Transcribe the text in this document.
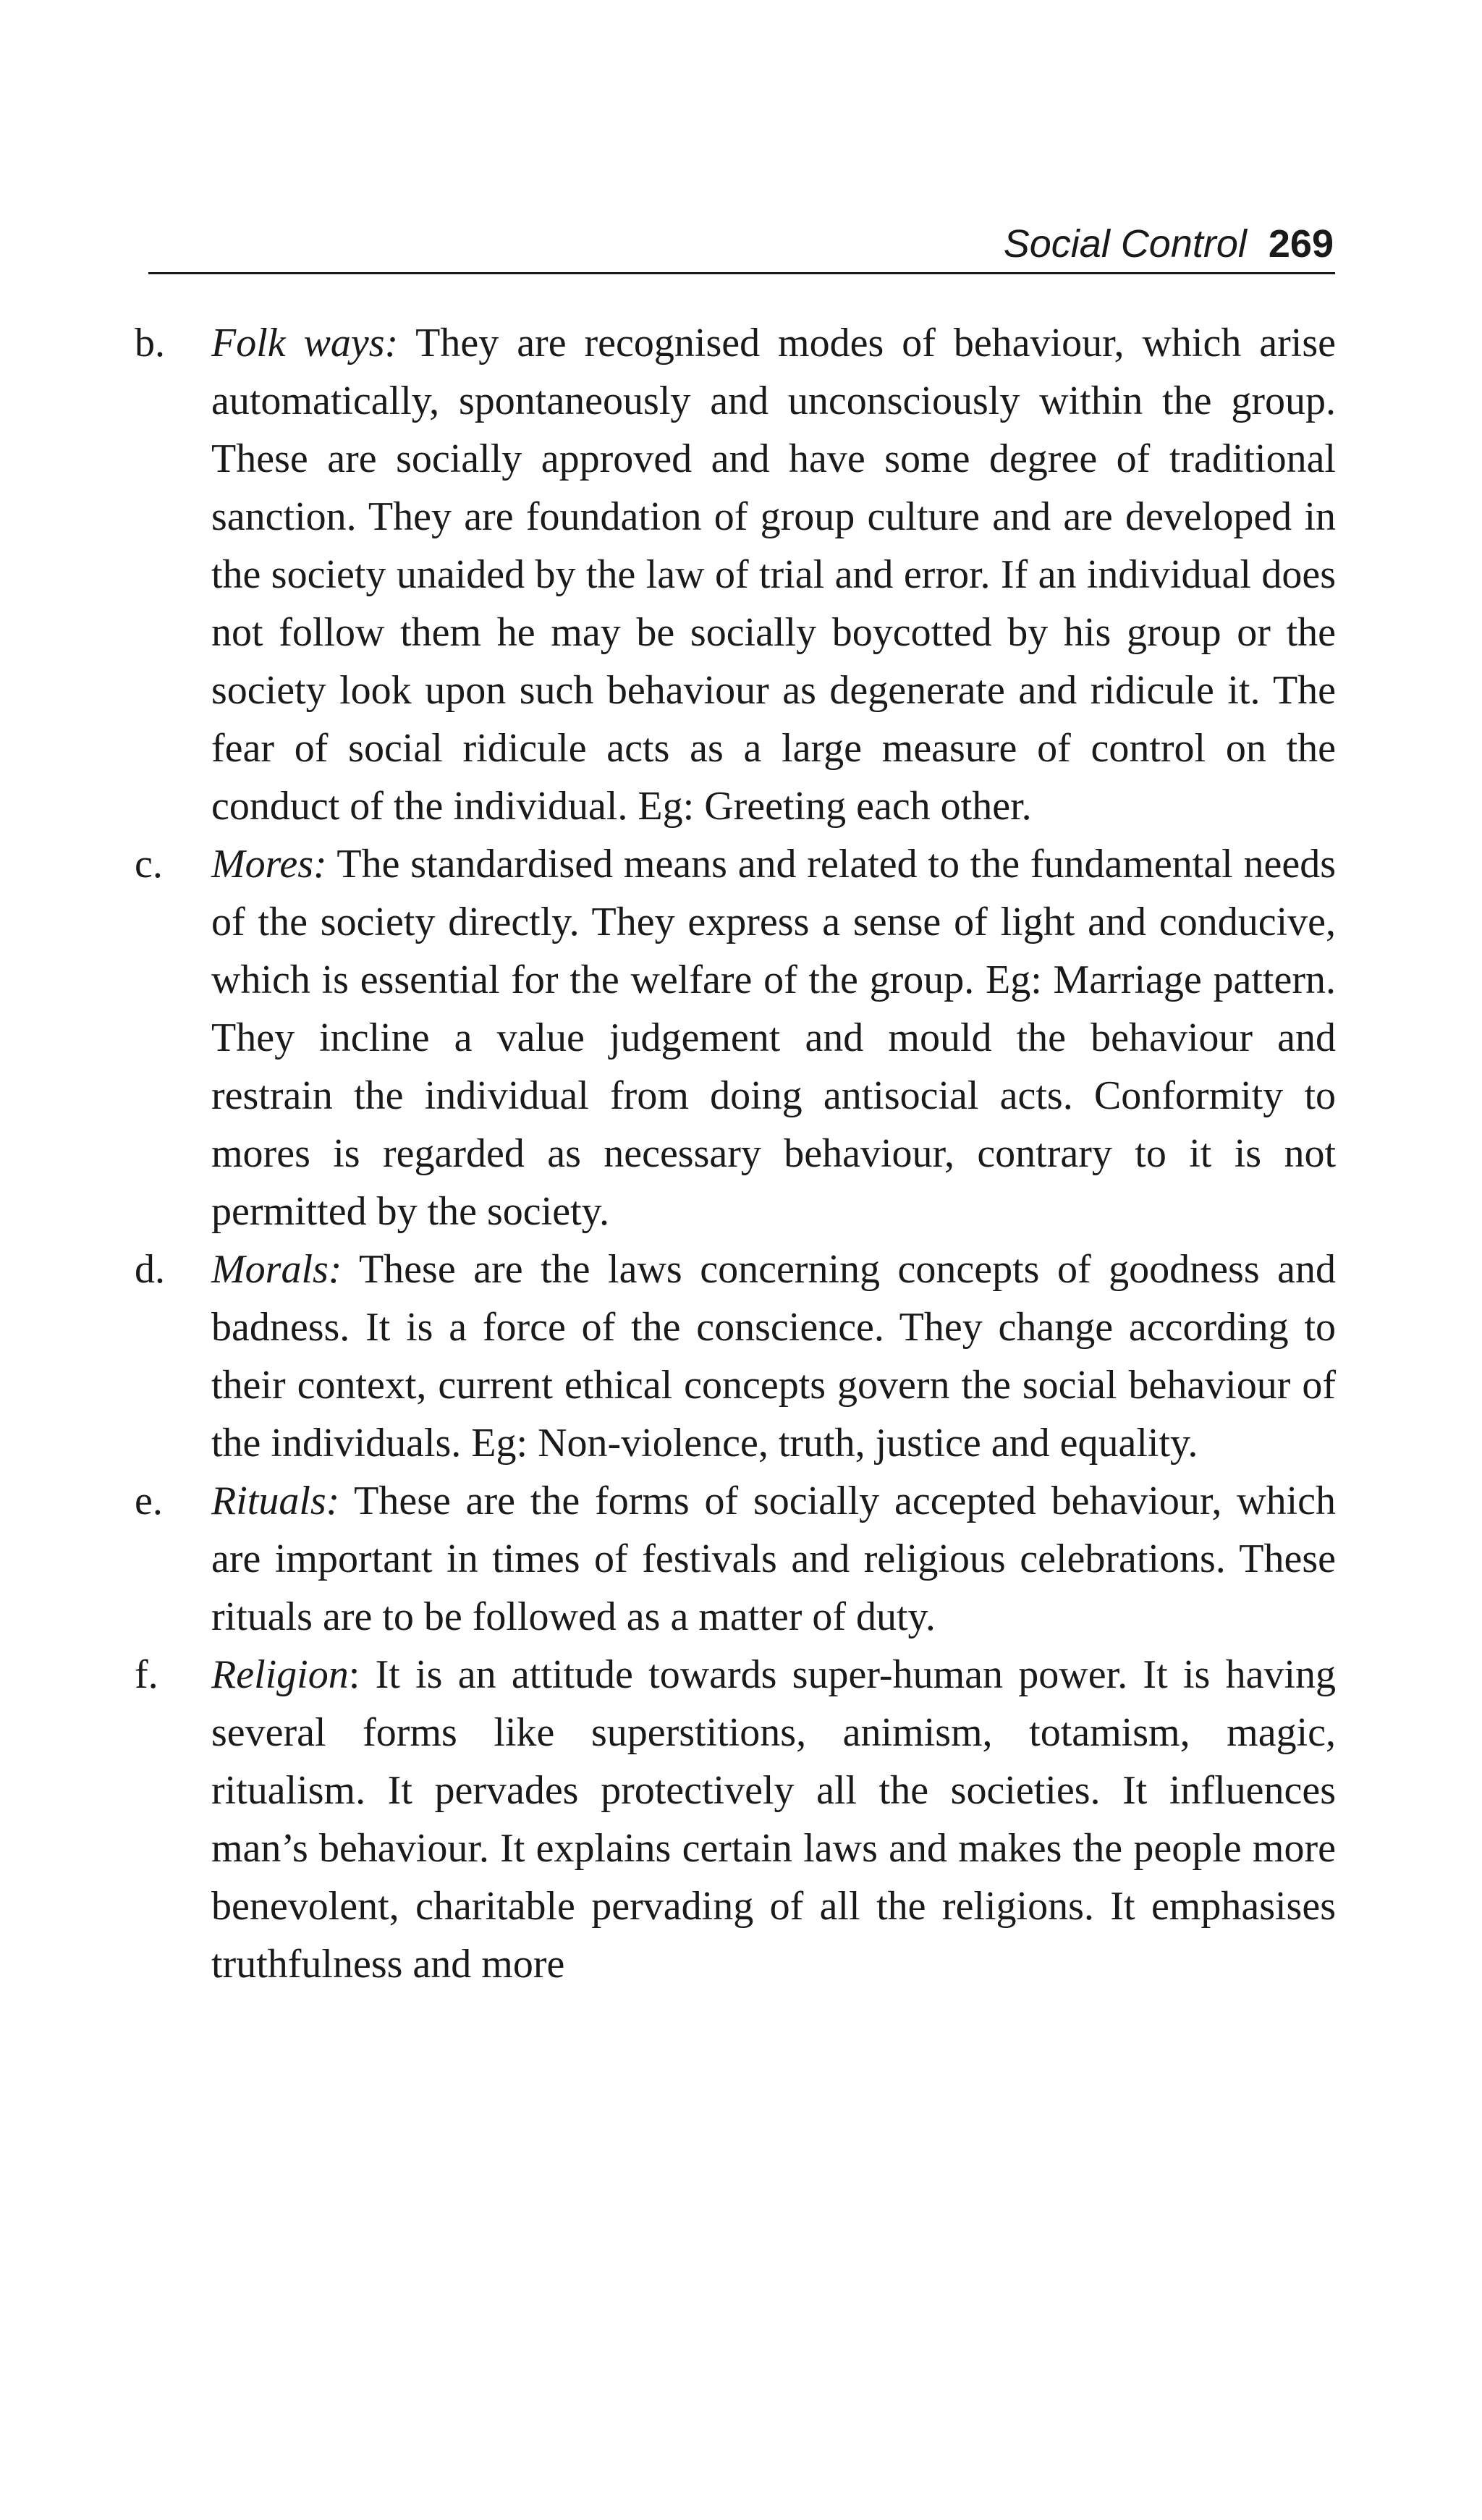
Social Control 269
b.	Folk ways: They are recognised modes of behaviour, which arise automatically, spontaneously and unconsciously within the group. These are socially approved and have some degree of traditional sanction. They are foundation of group culture and are developed in the society unaided by the law of trial and error. If an individual does not follow them he may be socially boycotted by his group or the society look upon such behaviour as degenerate and ridicule it. The fear of social ridicule acts as a large measure of control on the conduct of the individual. Eg: Greeting each other.
c.	Mores: The standardised means and related to the fundamental needs of the society directly. They express a sense of light and conducive, which is essential for the welfare of the group. Eg: Marriage pattern. They incline a value judgement and mould the behaviour and restrain the individual from doing antisocial acts. Conformity to mores is regarded as necessary behaviour, contrary to it is not permitted by the society.
d.	Morals: These are the laws concerning concepts of goodness and badness. It is a force of the conscience. They change according to their context, current ethical concepts govern the social behaviour of the individuals. Eg: Non-violence, truth, justice and equality.
e.	Rituals: These are the forms of socially accepted behaviour, which are important in times of festivals and religious celebrations. These rituals are to be followed as a matter of duty.
f.	Religion: It is an attitude towards super-human power. It is having several forms like superstitions, animism, totamism, magic, ritualism. It pervades protectively all the societies. It influences man’s behaviour. It explains certain laws and makes the people more benevolent, charitable pervading of all the religions. It emphasises truthfulness and more
